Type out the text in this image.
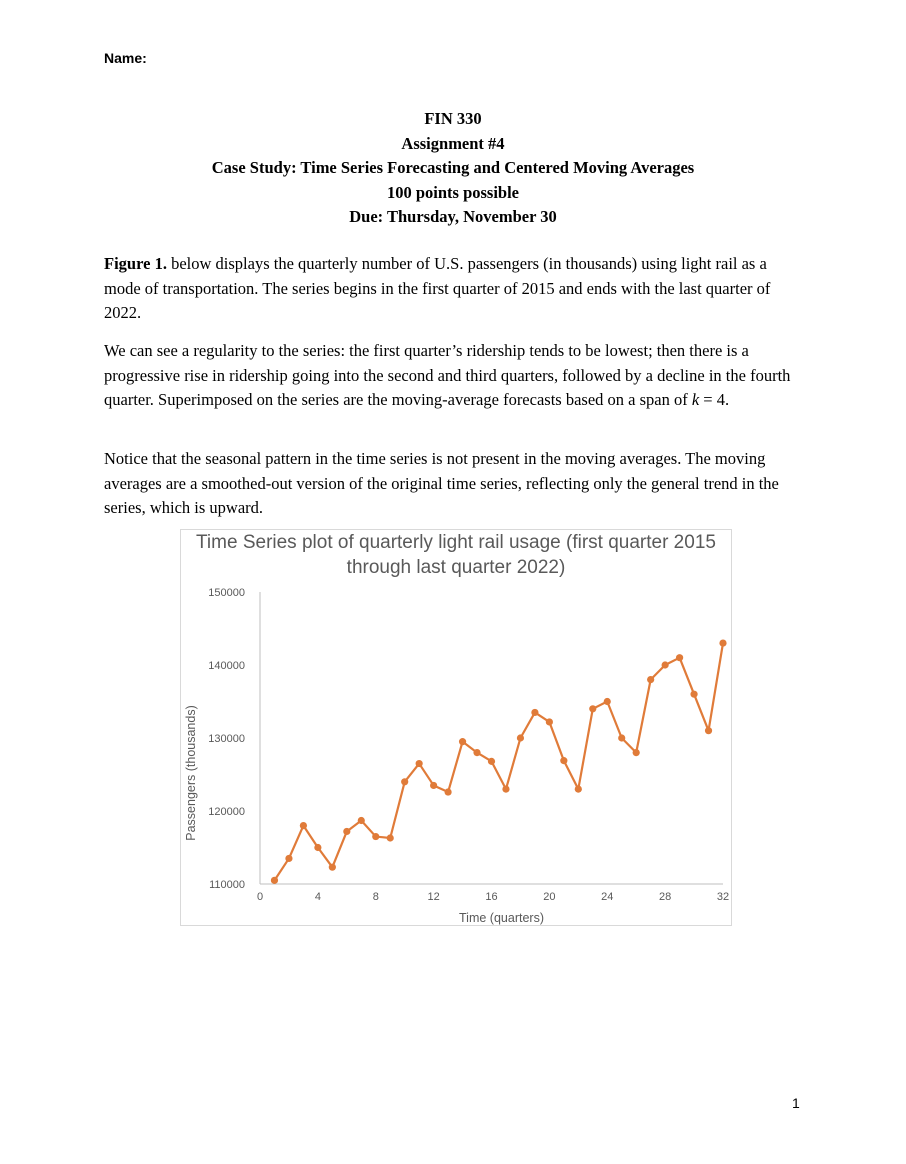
Name:
FIN 330
Assignment #4
Case Study: Time Series Forecasting and Centered Moving Averages
100 points possible
Due: Thursday, November 30

Figure 1. below displays the quarterly number of U.S. passengers (in thousands) using light rail as a mode of transportation. The series begins in the first quarter of 2015 and ends with the last quarter of 2022.

We can see a regularity to the series: the first quarter’s ridership tends to be lowest; then there is a progressive rise in ridership going into the second and third quarters, followed by a decline in the fourth quarter. Superimposed on the series are the moving-average forecasts based on a span of k = 4.

Notice that the seasonal pattern in the time series is not present in the moving averages. The moving averages are a smoothed-out version of the original time series, reflecting only the general trend in the series, which is upward.

Time Series plot of quarterly light rail usage (first quarter 2015 through last quarter 2022)
110000
120000
130000
140000
150000
0	4	8	12	16	20	24	28	32
Time (quarters)
Passengers (thousands)
1
